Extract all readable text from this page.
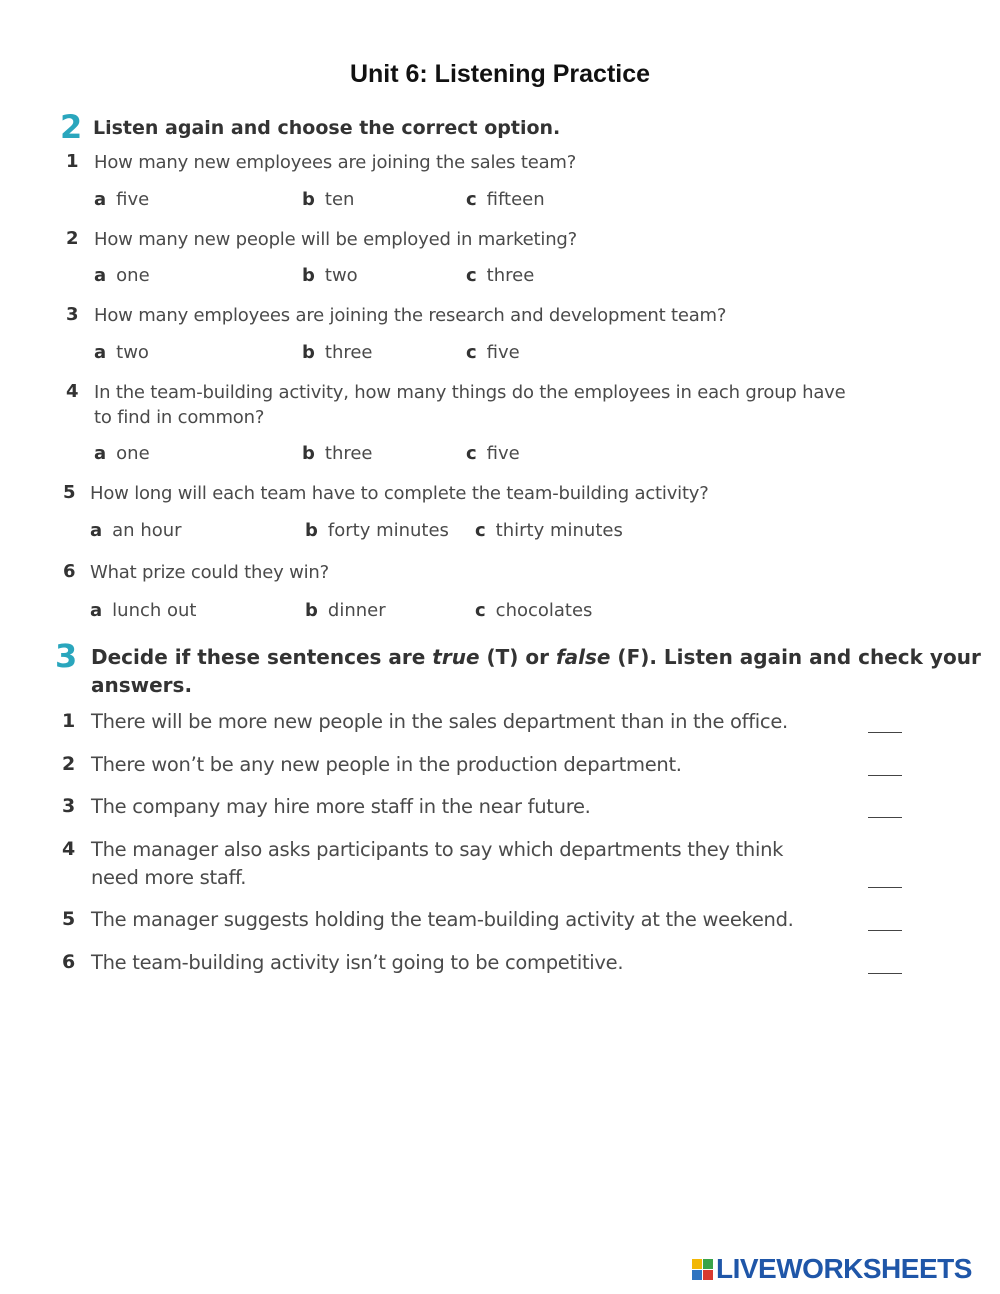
Unit 6: Listening Practice
2 Listen again and choose the correct option.
1 How many new employees are joining the sales team?
a five	b ten	c fifteen
2 How many new people will be employed in marketing?
a one	b two	c three
3 How many employees are joining the research and development team?
a two	b three	c five
4 In the team-building activity, how many things do the employees in each group have
to find in common?
a one	b three	c five
5 How long will each team have to complete the team-building activity?
a an hour	b forty minutes c thirty minutes
6 What prize could they win?
a lunch out	b dinner	c chocolates
3 Decide if these sentences are true (T) or false (F). Listen again and check your
answers.
1 There will be more new people in the sales department than in the office.
2 There won’t be any new people in the production department.
3 The company may hire more staff in the near future.
4 The manager also asks participants to say which departments they think
need more staff.
5 The manager suggests holding the team-building activity at the weekend.
6 The team-building activity isn’t going to be competitive.
LIVEWORKSHEETS
